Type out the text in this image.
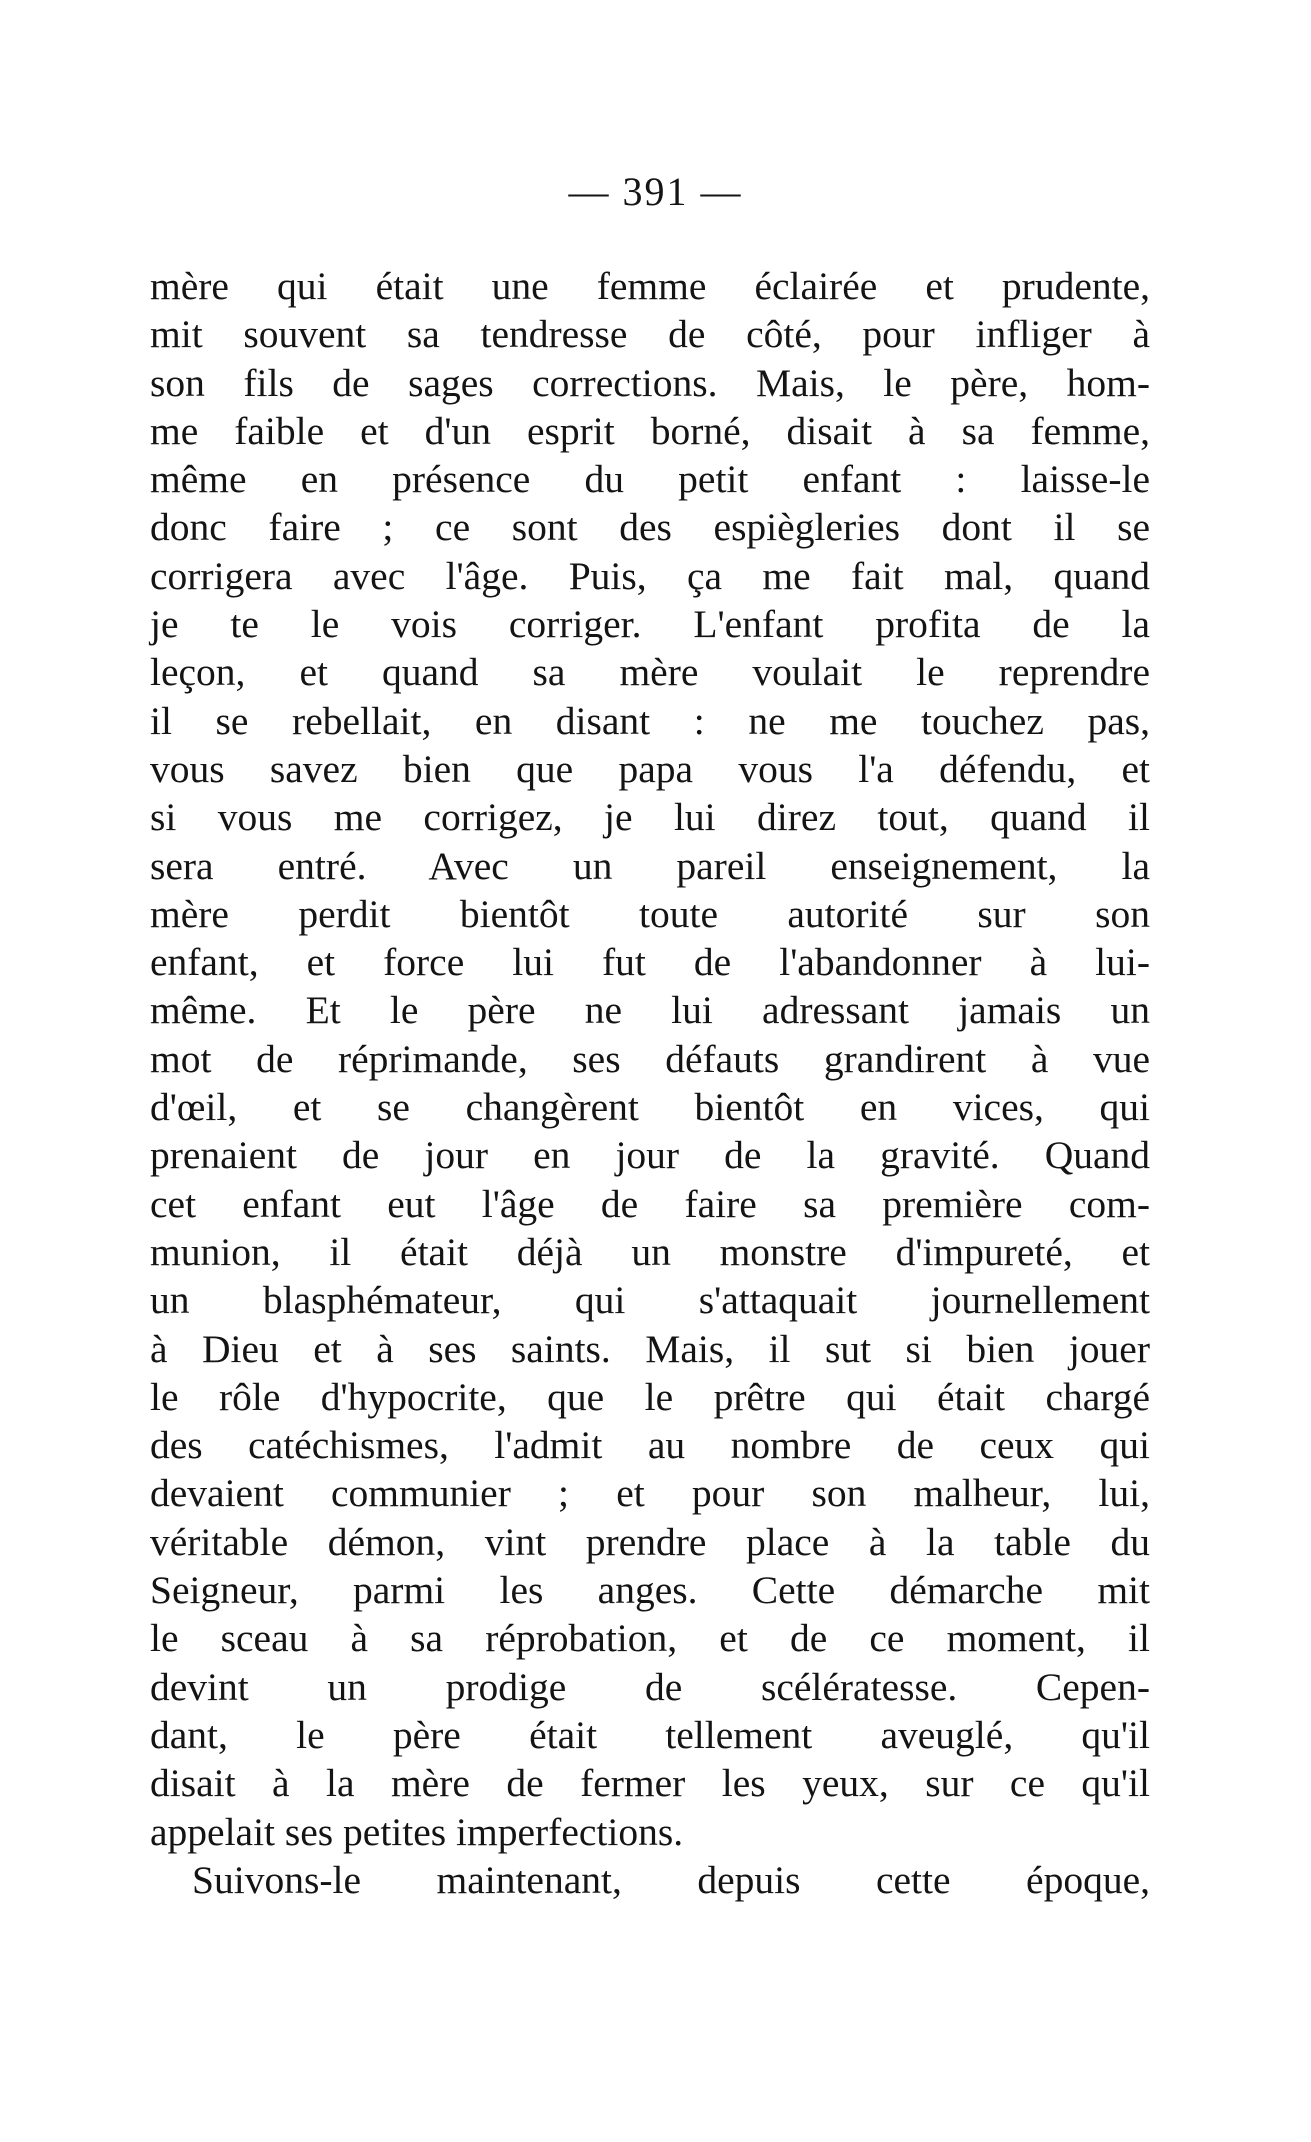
— 391 —
mère qui était une femme éclairée et prudente,
mit souvent sa tendresse de côté, pour infliger à
son fils de sages corrections. Mais, le père, hom-
me faible et d'un esprit borné, disait à sa femme,
même en présence du petit enfant : laisse-le
donc faire ; ce sont des espiègleries dont il se
corrigera avec l'âge. Puis, ça me fait mal, quand
je te le vois corriger. L'enfant profita de la
leçon, et quand sa mère voulait le reprendre
il se rebellait, en disant : ne me touchez pas,
vous savez bien que papa vous l'a défendu, et
si vous me corrigez, je lui direz tout, quand il
sera entré. Avec un pareil enseignement, la
mère perdit bientôt toute autorité sur son
enfant, et force lui fut de l'abandonner à lui-
même. Et le père ne lui adressant jamais un
mot de réprimande, ses défauts grandirent à vue
d'œil, et se changèrent bientôt en vices, qui
prenaient de jour en jour de la gravité. Quand
cet enfant eut l'âge de faire sa première com-
munion, il était déjà un monstre d'impureté, et
un blasphémateur, qui s'attaquait journellement
à Dieu et à ses saints. Mais, il sut si bien jouer
le rôle d'hypocrite, que le prêtre qui était chargé
des catéchismes, l'admit au nombre de ceux qui
devaient communier ; et pour son malheur, lui,
véritable démon, vint prendre place à la table du
Seigneur, parmi les anges. Cette démarche mit
le sceau à sa réprobation, et de ce moment, il
devint un prodige de scélératesse. Cepen-
dant, le père était tellement aveuglé, qu'il
disait à la mère de fermer les yeux, sur ce qu'il
appelait ses petites imperfections.
Suivons-le maintenant, depuis cette époque,
